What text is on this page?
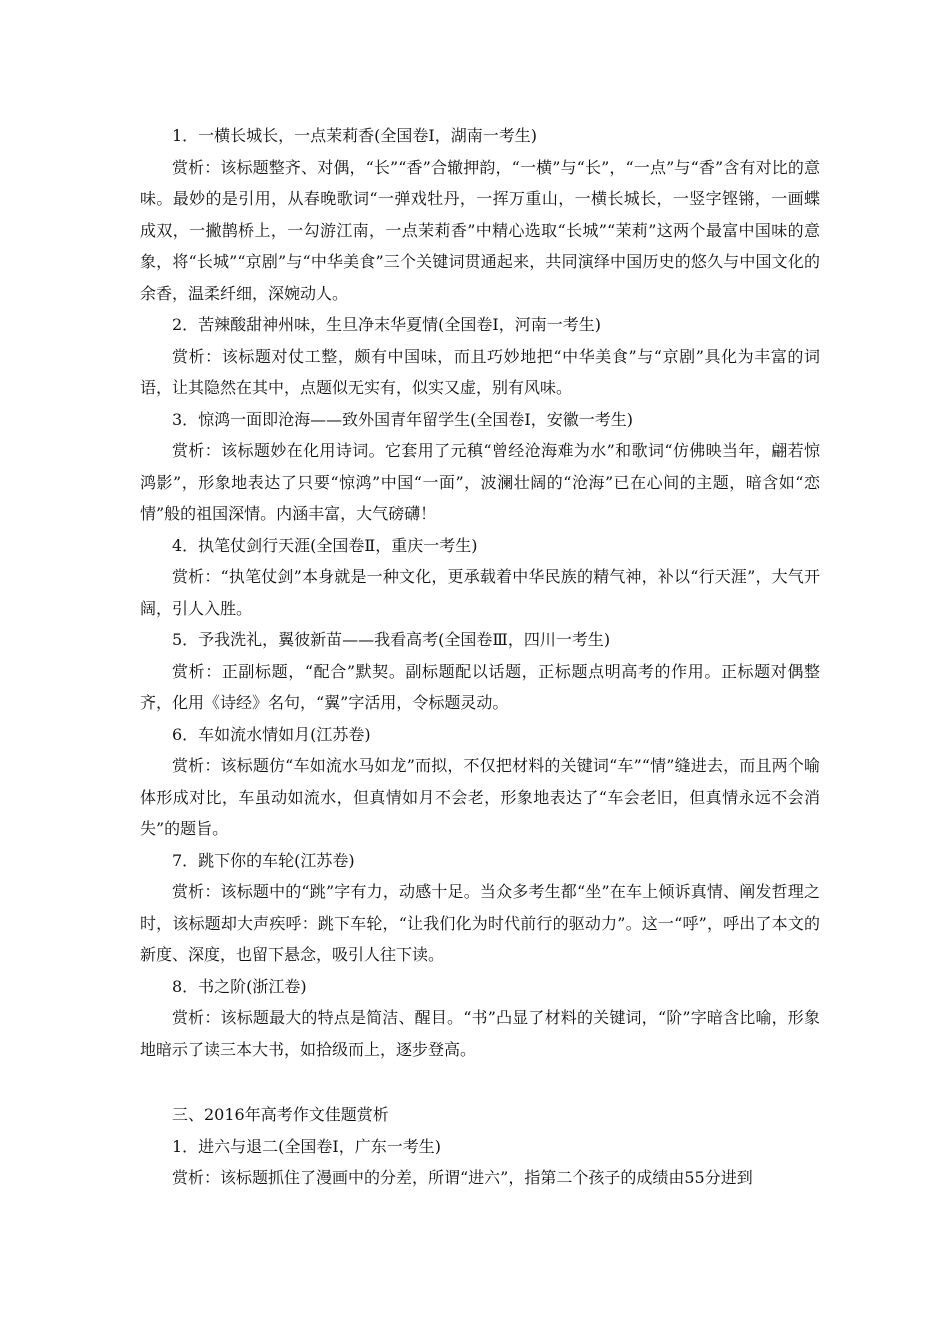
1．一横长城长，一点茉莉香(全国卷Ⅰ，湖南一考生)

赏析：该标题整齐、对偶，“长”“香”合辙押韵，“一横”与“长”，“一点”与“香”含有对比的意味。最妙的是引用，从春晚歌词“一弹戏牡丹，一挥万重山，一横长城长，一竖字铿锵，一画蝶成双，一撇鹊桥上，一勾游江南，一点茉莉香”中精心选取“长城”“茉莉”这两个最富中国味的意象，将“长城”“京剧”与“中华美食”三个关键词贯通起来，共同演绎中国历史的悠久与中国文化的余香，温柔纤细，深婉动人。

2．苦辣酸甜神州味，生旦净末华夏情(全国卷Ⅰ，河南一考生)

赏析：该标题对仗工整，颇有中国味，而且巧妙地把“中华美食”与“京剧”具化为丰富的词语，让其隐然在其中，点题似无实有，似实又虚，别有风味。

3．惊鸿一面即沧海——致外国青年留学生(全国卷Ⅰ，安徽一考生)

赏析：该标题妙在化用诗词。它套用了元稹“曾经沧海难为水”和歌词“仿佛映当年，翩若惊鸿影”，形象地表达了只要“惊鸿”中国“一面”，波澜壮阔的“沧海”已在心间的主题，暗含如“恋情”般的祖国深情。内涵丰富，大气磅礴！

4．执笔仗剑行天涯(全国卷Ⅱ，重庆一考生)

赏析：“执笔仗剑”本身就是一种文化，更承载着中华民族的精气神，补以“行天涯”，大气开阔，引人入胜。

5．予我洗礼，翼彼新苗——我看高考(全国卷Ⅲ，四川一考生)

赏析：正副标题，“配合”默契。副标题配以话题，正标题点明高考的作用。正标题对偶整齐，化用《诗经》名句，“翼”字活用，令标题灵动。

6．车如流水情如月(江苏卷)

赏析：该标题仿“车如流水马如龙”而拟，不仅把材料的关键词“车”“情”缝进去，而且两个喻体形成对比，车虽动如流水，但真情如月不会老，形象地表达了“车会老旧，但真情永远不会消失”的题旨。

7．跳下你的车轮(江苏卷)

赏析：该标题中的“跳”字有力，动感十足。当众多考生都“坐”在车上倾诉真情、阐发哲理之时，该标题却大声疾呼：跳下车轮，“让我们化为时代前行的驱动力”。这一“呼”，呼出了本文的新度、深度，也留下悬念，吸引人往下读。

8．书之阶(浙江卷)

赏析：该标题最大的特点是简洁、醒目。“书”凸显了材料的关键词，“阶”字暗含比喻，形象地暗示了读三本大书，如拾级而上，逐步登高。

三、2016年高考作文佳题赏析

1．进六与退二(全国卷Ⅰ，广东一考生)

赏析：该标题抓住了漫画中的分差，所谓“进六”，指第二个孩子的成绩由55分进到
